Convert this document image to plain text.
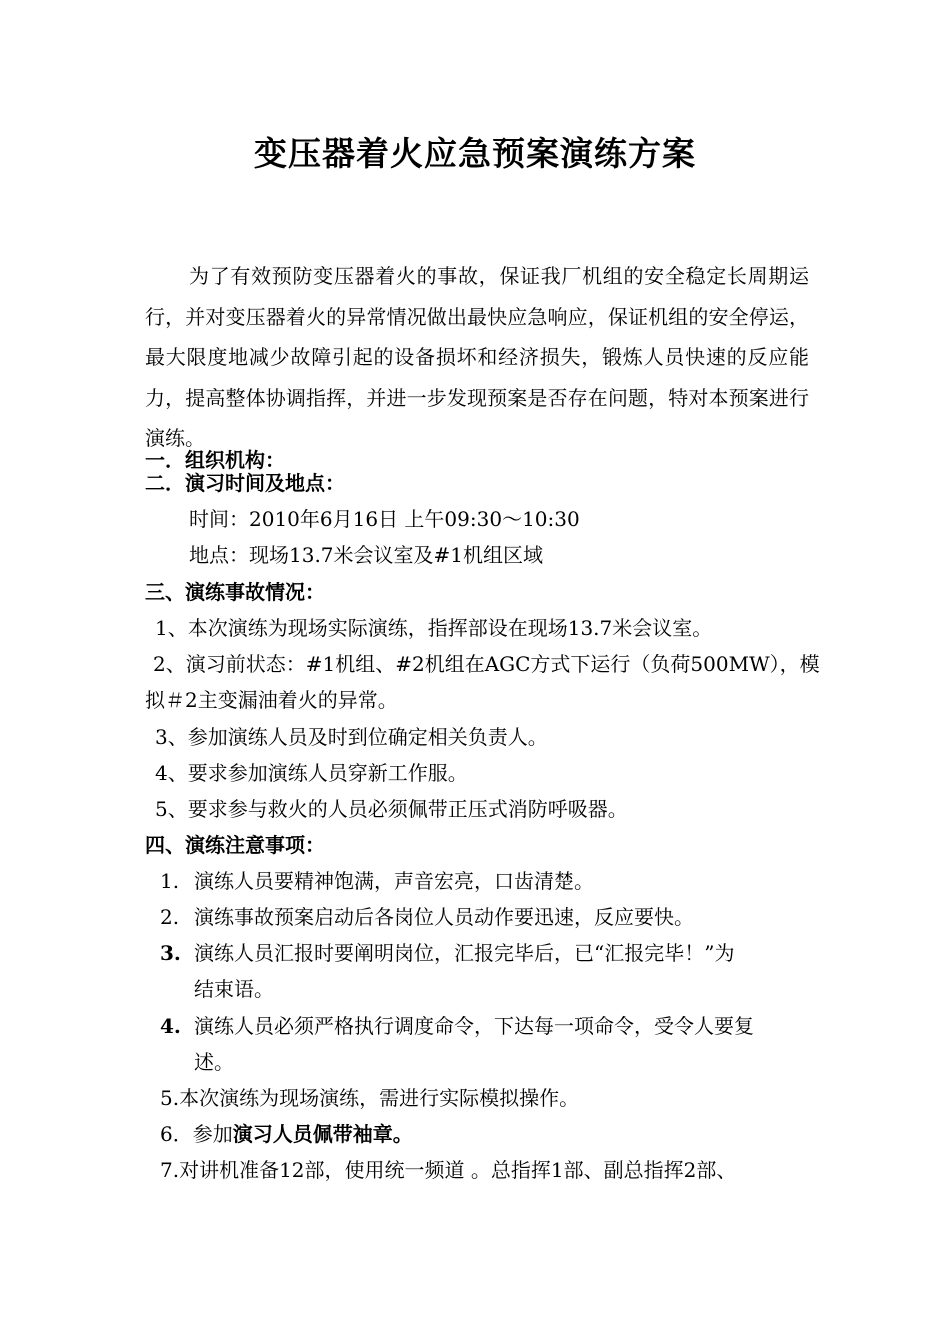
变压器着火应急预案演练方案

为了有效预防变压器着火的事故，保证我厂机组的安全稳定长周期运行，并对变压器着火的异常情况做出最快应急响应，保证机组的安全停运，最大限度地减少故障引起的设备损坏和经济损失，锻炼人员快速的反应能力，提高整体协调指挥，并进一步发现预案是否存在问题，特对本预案进行演练。

一．组织机构：
二．演习时间及地点：
时间：2010年6月16日 上午09:30～10:30
地点：现场13.7米会议室及#1机组区域
三、演练事故情况：
1、本次演练为现场实际演练，指挥部设在现场13.7米会议室。
2、演习前状态：#1机组、#2机组在AGC方式下运行（负荷500MW），模
拟＃2主变漏油着火的异常。
3、参加演练人员及时到位确定相关负责人。
4、要求参加演练人员穿新工作服。
5、要求参与救火的人员必须佩带正压式消防呼吸器。
四、演练注意事项：
1. 演练人员要精神饱满，声音宏亮，口齿清楚。
2. 演练事故预案启动后各岗位人员动作要迅速，反应要快。
3. 演练人员汇报时要阐明岗位，汇报完毕后，已“汇报完毕！”为
结束语。
4. 演练人员必须严格执行调度命令，下达每一项命令，受令人要复
述。
5.本次演练为现场演练，需进行实际模拟操作。
6．参加演习人员佩带袖章。
7.对讲机准备12部，使用统一频道 。总指挥1部、副总指挥2部、
